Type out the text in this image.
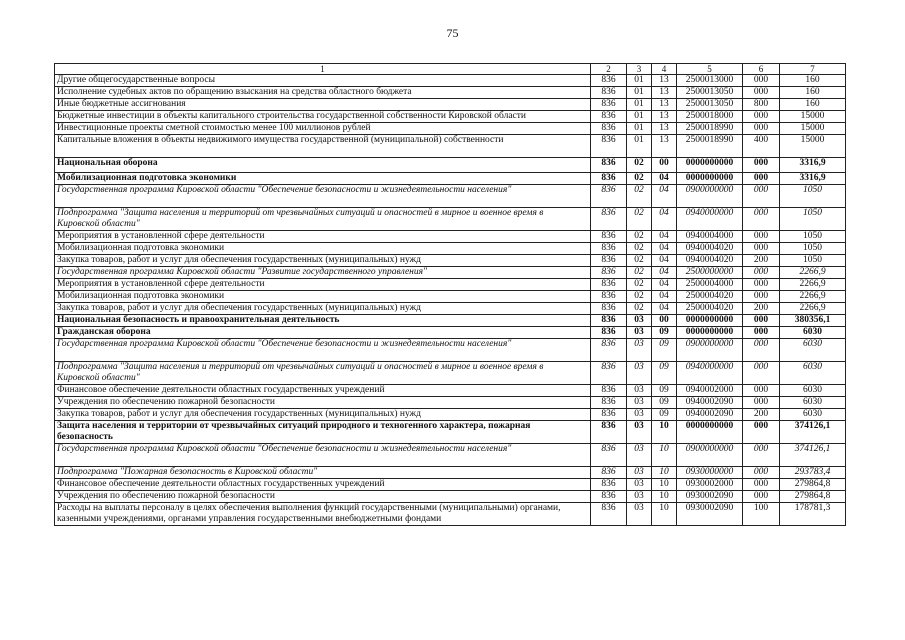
75
1	2	3	4	5	6	7
Другие общегосударственные вопросы	836	01	13	2500013000	000	160
Исполнение судебных актов по обращению взыскания на средства областного бюджета	836	01	13	2500013050	000	160
Иные бюджетные ассигнования	836	01	13	2500013050	800	160
Бюджетные инвестиции в объекты капитального строительства государственной собственности Кировской области	836	01	13	2500018000	000	15000
Инвестиционные проекты сметной стоимостью менее 100 миллионов рублей	836	01	13	2500018990	000	15000
Капитальные вложения в объекты недвижимого имущества государственной (муниципальной) собственности	836	01	13	2500018990	400	15000
Национальная оборона	836	02	00	0000000000	000	3316,9
Мобилизационная подготовка экономики	836	02	04	0000000000	000	3316,9
Государственная программа Кировской области "Обеспечение безопасности и жизнедеятельности населения"	836	02	04	0900000000	000	1050
Подпрограмма "Защита населения и территорий от чрезвычайных ситуаций и опасностей в мирное и военное время в Кировской области"	836	02	04	0940000000	000	1050
Мероприятия в установленной сфере деятельности	836	02	04	0940004000	000	1050
Мобилизационная подготовка экономики	836	02	04	0940004020	000	1050
Закупка товаров, работ и услуг для обеспечения государственных (муниципальных) нужд	836	02	04	0940004020	200	1050
Государственная программа Кировской области "Развитие государственного управления"	836	02	04	2500000000	000	2266,9
Мероприятия в установленной сфере деятельности	836	02	04	2500004000	000	2266,9
Мобилизационная подготовка экономики	836	02	04	2500004020	000	2266,9
Закупка товаров, работ и услуг для обеспечения государственных (муниципальных) нужд	836	02	04	2500004020	200	2266,9
Национальная безопасность и правоохранительная деятельность	836	03	00	0000000000	000	380356,1
Гражданская оборона	836	03	09	0000000000	000	6030
Государственная программа Кировской области "Обеспечение безопасности и жизнедеятельности населения"	836	03	09	0900000000	000	6030
Подпрограмма "Защита населения и территорий от чрезвычайных ситуаций и опасностей в мирное и военное время в Кировской области"	836	03	09	0940000000	000	6030
Финансовое обеспечение деятельности областных государственных учреждений	836	03	09	0940002000	000	6030
Учреждения по обеспечению пожарной безопасности	836	03	09	0940002090	000	6030
Закупка товаров, работ и услуг для обеспечения государственных (муниципальных) нужд	836	03	09	0940002090	200	6030
Защита населения и территории от чрезвычайных ситуаций природного и техногенного характера, пожарная безопасность	836	03	10	0000000000	000	374126,1
Государственная программа Кировской области "Обеспечение безопасности и жизнедеятельности населения"	836	03	10	0900000000	000	374126,1
Подпрограмма "Пожарная безопасность в Кировской области"	836	03	10	0930000000	000	293783,4
Финансовое обеспечение деятельности областных государственных учреждений	836	03	10	0930002000	000	279864,8
Учреждения по обеспечению пожарной безопасности	836	03	10	0930002090	000	279864,8
Расходы на выплаты персоналу в целях обеспечения выполнения функций государственными (муниципальными) органами, казенными учреждениями, органами управления государственными внебюджетными фондами	836	03	10	0930002090	100	178781,3
